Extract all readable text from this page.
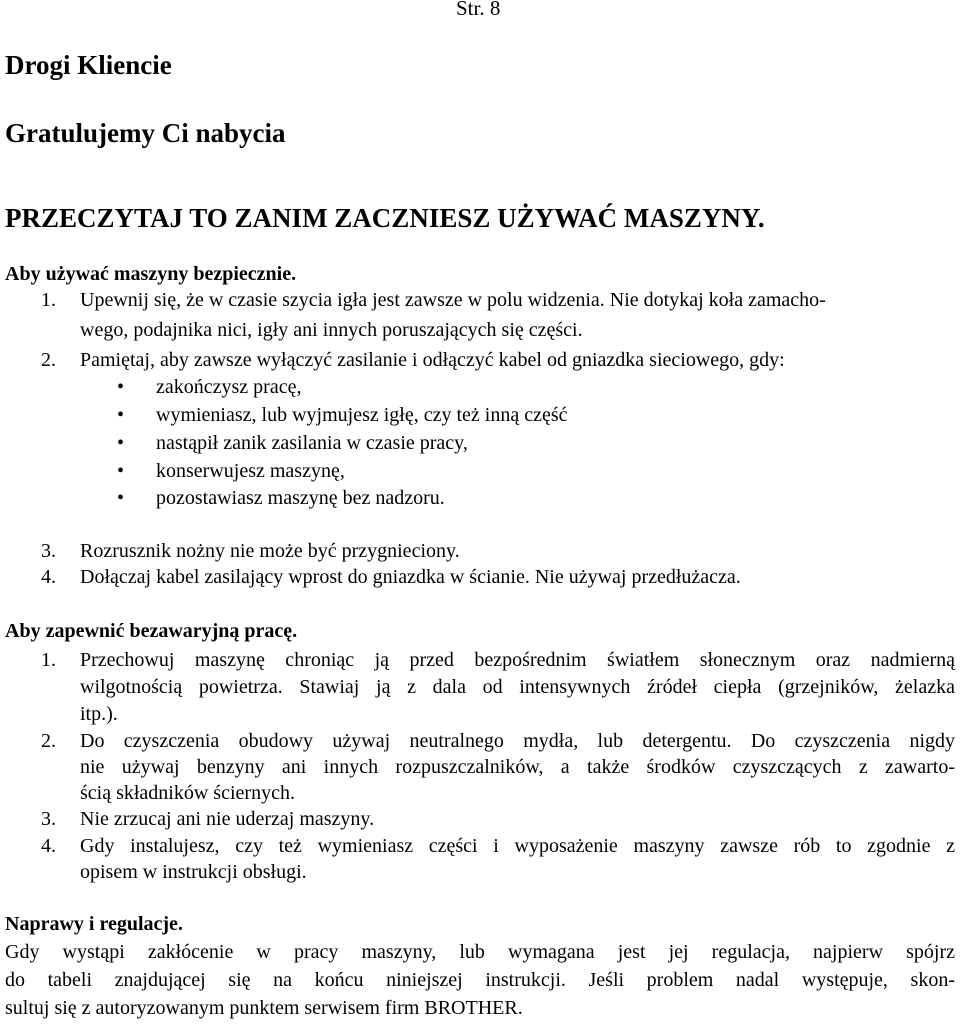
Str. 8
Drogi Kliencie
Gratulujemy Ci nabycia
PRZECZYTAJ TO ZANIM ZACZNIESZ UŻYWAĆ MASZYNY.
Aby używać maszyny bezpiecznie.
1. Upewnij się, że w czasie szycia igła jest zawsze w polu widzenia. Nie dotykaj koła zamacho-
wego, podajnika nici, igły ani innych poruszających się części.
2. Pamiętaj, aby zawsze wyłączyć zasilanie i odłączyć kabel od gniazdka sieciowego, gdy:
• zakończysz pracę,
• wymieniasz, lub wyjmujesz igłę, czy też inną część
• nastąpił zanik zasilania w czasie pracy,
• konserwujesz maszynę,
• pozostawiasz maszynę bez nadzoru.
3. Rozrusznik nożny nie może być przygnieciony.
4. Dołączaj kabel zasilający wprost do gniazdka w ścianie. Nie używaj przedłużacza.
Aby zapewnić bezawaryjną pracę.
1. Przechowuj maszynę chroniąc ją przed bezpośrednim światłem słonecznym oraz nadmierną
wilgotnością powietrza. Stawiaj ją z dala od intensywnych źródeł ciepła (grzejników, żelazka
itp.).
2. Do czyszczenia obudowy używaj neutralnego mydła, lub detergentu. Do czyszczenia nigdy
nie używaj benzyny ani innych rozpuszczalników, a także środków czyszczących z zawarto-
ścią składników ściernych.
3. Nie zrzucaj ani nie uderzaj maszyny.
4. Gdy instalujesz, czy też wymieniasz części i wyposażenie maszyny zawsze rób to zgodnie z
opisem w instrukcji obsługi.
Naprawy i regulacje.
Gdy wystąpi zakłócenie w pracy maszyny, lub wymagana jest jej regulacja, najpierw spójrz
do tabeli znajdującej się na końcu niniejszej instrukcji. Jeśli problem nadal występuje, skon-
sultuj się z autoryzowanym punktem serwisem firm BROTHER.
